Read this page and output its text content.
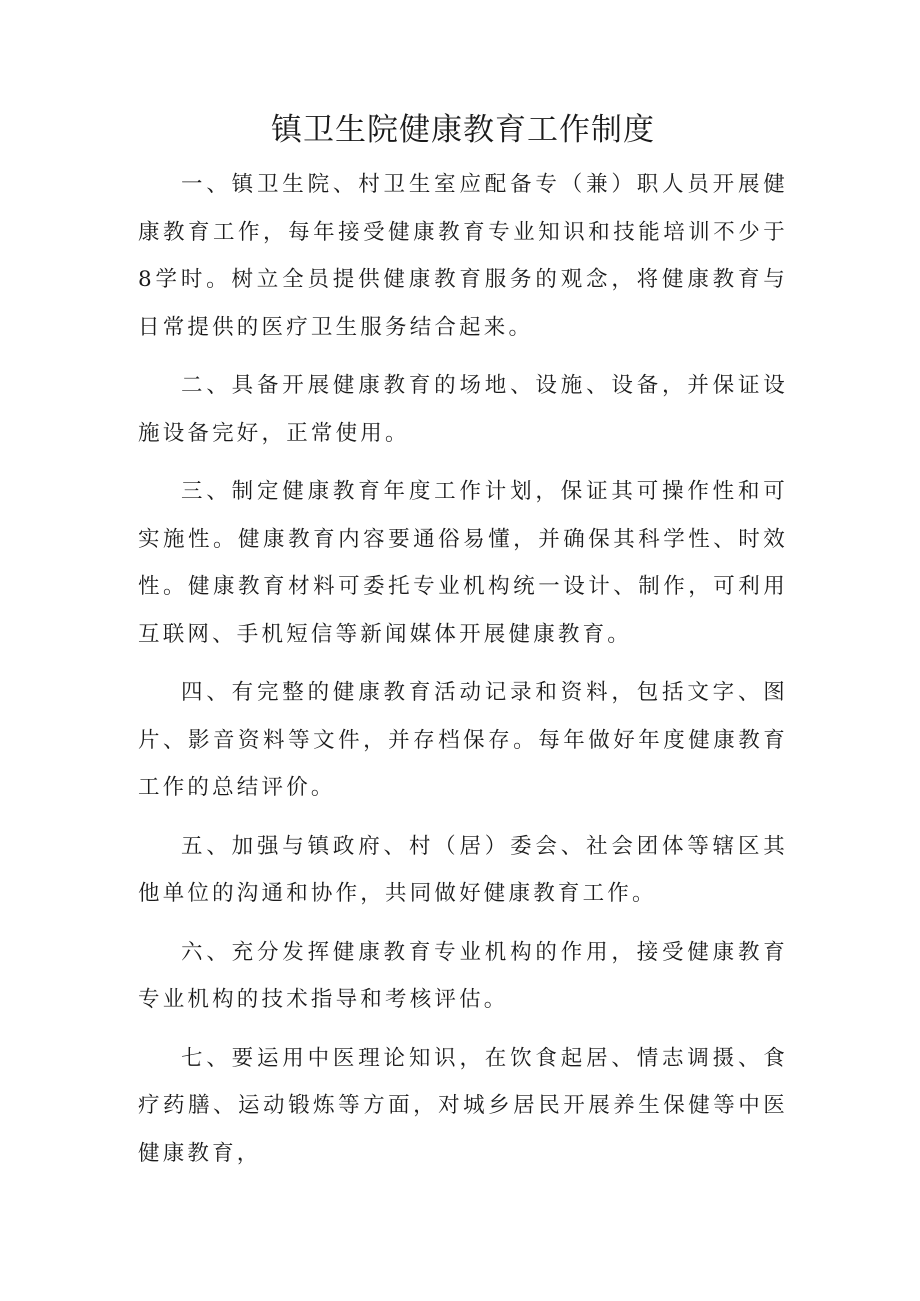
镇卫生院健康教育工作制度

一、镇卫生院、村卫生室应配备专（兼）职人员开展健康教育工作，每年接受健康教育专业知识和技能培训不少于8学时。树立全员提供健康教育服务的观念，将健康教育与日常提供的医疗卫生服务结合起来。

二、具备开展健康教育的场地、设施、设备，并保证设施设备完好，正常使用。

三、制定健康教育年度工作计划，保证其可操作性和可实施性。健康教育内容要通俗易懂，并确保其科学性、时效性。健康教育材料可委托专业机构统一设计、制作，可利用互联网、手机短信等新闻媒体开展健康教育。

四、有完整的健康教育活动记录和资料，包括文字、图片、影音资料等文件，并存档保存。每年做好年度健康教育工作的总结评价。

五、加强与镇政府、村（居）委会、社会团体等辖区其他单位的沟通和协作，共同做好健康教育工作。

六、充分发挥健康教育专业机构的作用，接受健康教育专业机构的技术指导和考核评估。

七、要运用中医理论知识，在饮食起居、情志调摄、食疗药膳、运动锻炼等方面，对城乡居民开展养生保健等中医健康教育，
